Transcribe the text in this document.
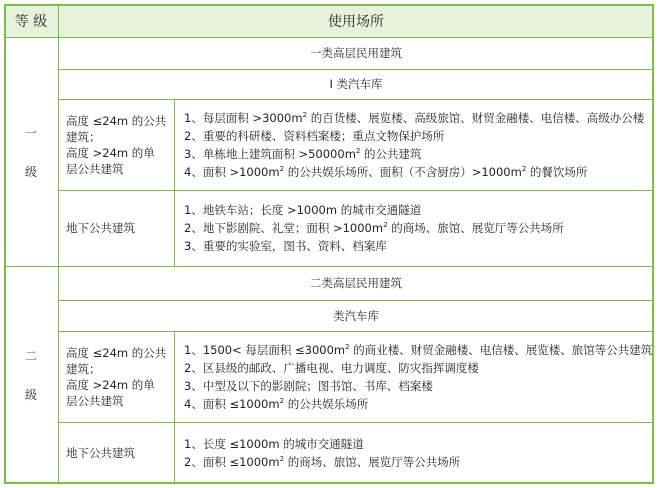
等 级	使用场所
一
级
一类高层民用建筑
I 类汽车库
高度 ≤24m 的公共
建筑；
高度 >24m 的单
层公共建筑
1、每层面积 $>3000m^2$ 的百货楼、展览楼、高级旅馆、财贸金融楼、电信楼、高级办公楼
2、重要的科研楼、资料档案楼；重点文物保护场所
3、单栋地上建筑面积 $>50000m^2$ 的公共建筑
4、面积 $>1000m^2$ 的公共娱乐场所、面积（不含厨房）$>1000m^2$ 的餐饮场所
地下公共建筑
1、地铁车站；长度 >1000m 的城市交通隧道
2、地下影剧院、礼堂；面积 $>1000m^2$ 的商场、旅馆、展览厅等公共场所
3、重要的实验室，图书、资料、档案库
二
级
二类高层民用建筑
类汽车库
高度 ≤24m 的公共
建筑；
高度 >24m 的单
层公共建筑
1、1500< 每层面积 $\le 3000m^2$ 的商业楼、财贸金融楼、电信楼、展览楼、旅馆等公共建筑
2、区县级的邮政、广播电视、电力调度、防灾指挥调度楼
3、中型及以下的影剧院；图书馆、书库、档案楼
4、面积 $\le 1000m^2$ 的公共娱乐场所
地下公共建筑
1、长度 ≤1000m 的城市交通隧道
2、面积 $\le 1000m^2$ 的商场、旅馆、展览厅等公共场所
